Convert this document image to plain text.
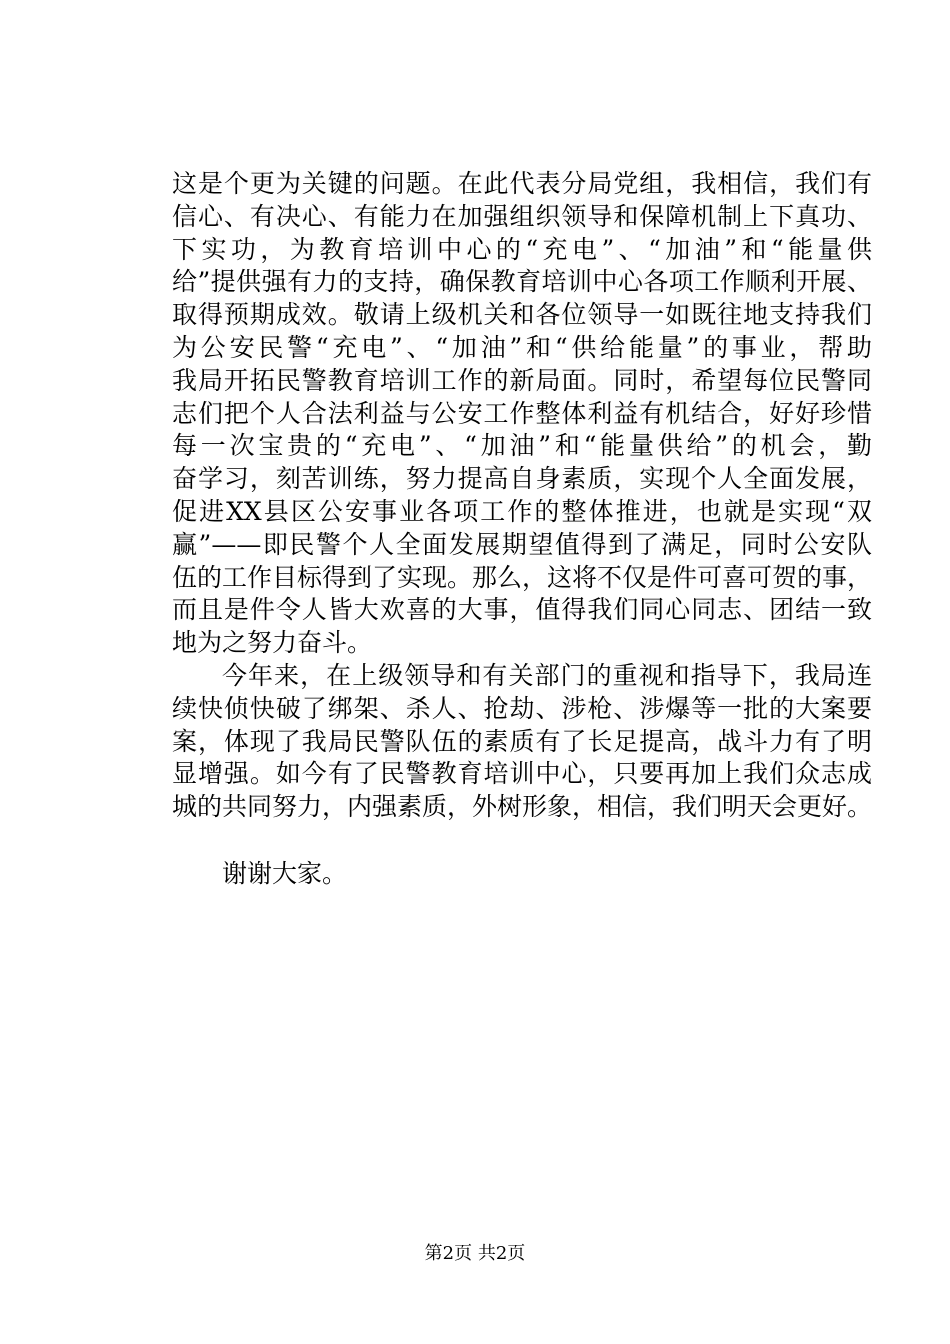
这是个更为关键的问题。在此代表分局党组，我相信，我们有
信心、有决心、有能力在加强组织领导和保障机制上下真功、
下实功，为教育培训中心的“充电”、“加油”和“能量供
给”提供强有力的支持，确保教育培训中心各项工作顺利开展、
取得预期成效。敬请上级机关和各位领导一如既往地支持我们
为公安民警“充电”、“加油”和“供给能量”的事业，帮助
我局开拓民警教育培训工作的新局面。同时，希望每位民警同
志们把个人合法利益与公安工作整体利益有机结合，好好珍惜
每一次宝贵的“充电”、“加油”和“能量供给”的机会，勤
奋学习，刻苦训练，努力提高自身素质，实现个人全面发展，
促进XX县区公安事业各项工作的整体推进，也就是实现“双
赢”——即民警个人全面发展期望值得到了满足，同时公安队
伍的工作目标得到了实现。那么，这将不仅是件可喜可贺的事，
而且是件令人皆大欢喜的大事，值得我们同心同志、团结一致
地为之努力奋斗。
今年来，在上级领导和有关部门的重视和指导下，我局连
续快侦快破了绑架、杀人、抢劫、涉枪、涉爆等一批的大案要
案，体现了我局民警队伍的素质有了长足提高，战斗力有了明
显增强。如今有了民警教育培训中心，只要再加上我们众志成
城的共同努力，内强素质，外树形象，相信，我们明天会更好。
谢谢大家。
第2页 共2页
